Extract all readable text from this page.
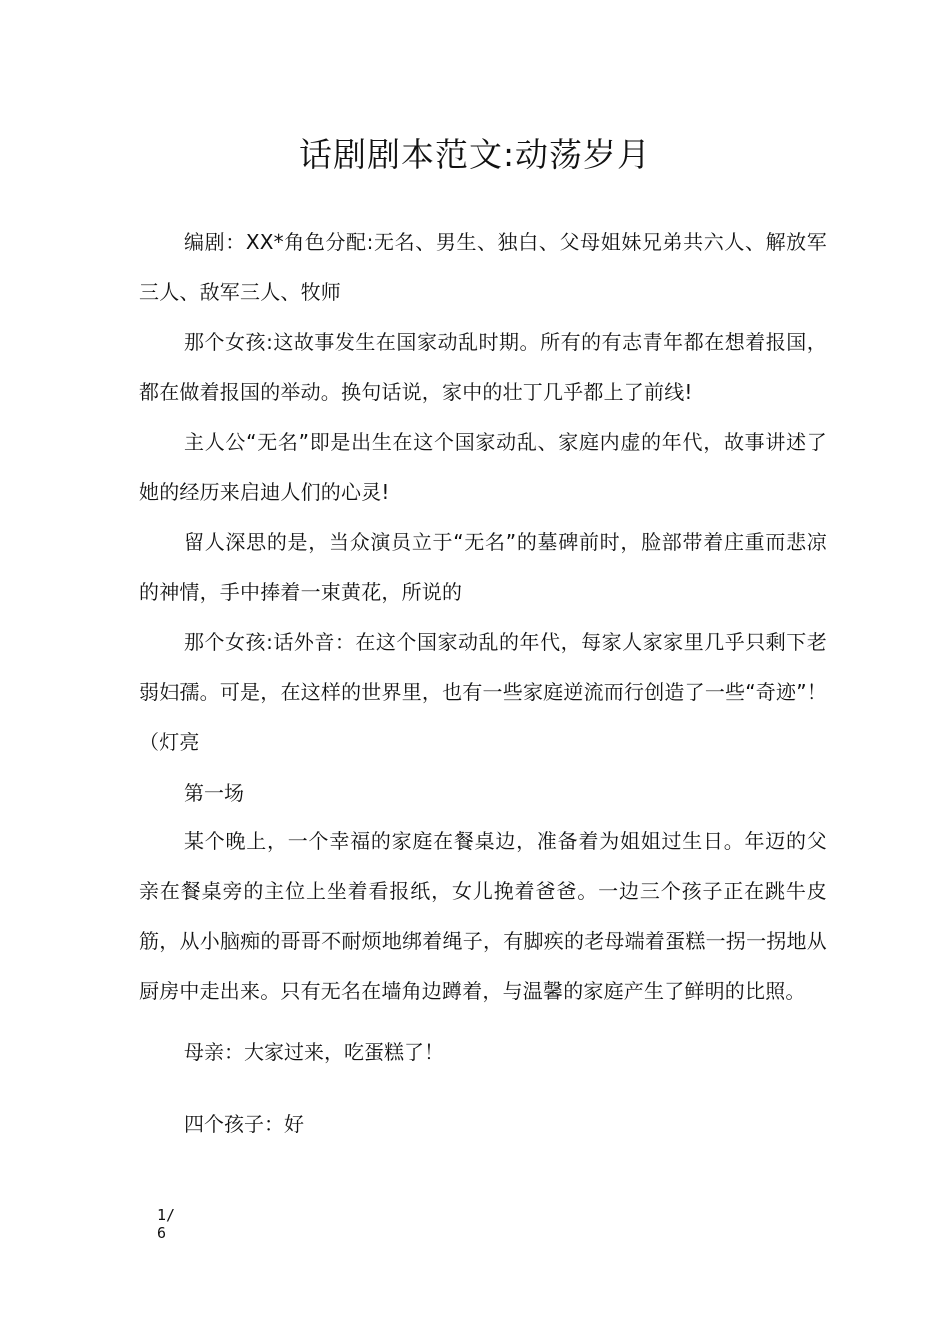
话剧剧本范文:动荡岁月

编剧：XX*角色分配:无名、男生、独白、父母姐妹兄弟共六人、解放军三人、敌军三人、牧师

那个女孩:这故事发生在国家动乱时期。所有的有志青年都在想着报国，都在做着报国的举动。换句话说，家中的壮丁几乎都上了前线!

主人公“无名”即是出生在这个国家动乱、家庭内虚的年代，故事讲述了她的经历来启迪人们的心灵!

留人深思的是，当众演员立于“无名”的墓碑前时，脸部带着庄重而悲凉的神情，手中捧着一束黄花，所说的

那个女孩:话外音：在这个国家动乱的年代，每家人家家里几乎只剩下老弱妇孺。可是，在这样的世界里，也有一些家庭逆流而行创造了一些“奇迹”！（灯亮

第一场

某个晚上，一个幸福的家庭在餐桌边，准备着为姐姐过生日。年迈的父亲在餐桌旁的主位上坐着看报纸，女儿挽着爸爸。一边三个孩子正在跳牛皮筋，从小脑痴的哥哥不耐烦地绑着绳子，有脚疾的老母端着蛋糕一拐一拐地从厨房中走出来。只有无名在墙角边蹲着，与温馨的家庭产生了鲜明的比照。

母亲：大家过来，吃蛋糕了！

四个孩子：好

1/
6
